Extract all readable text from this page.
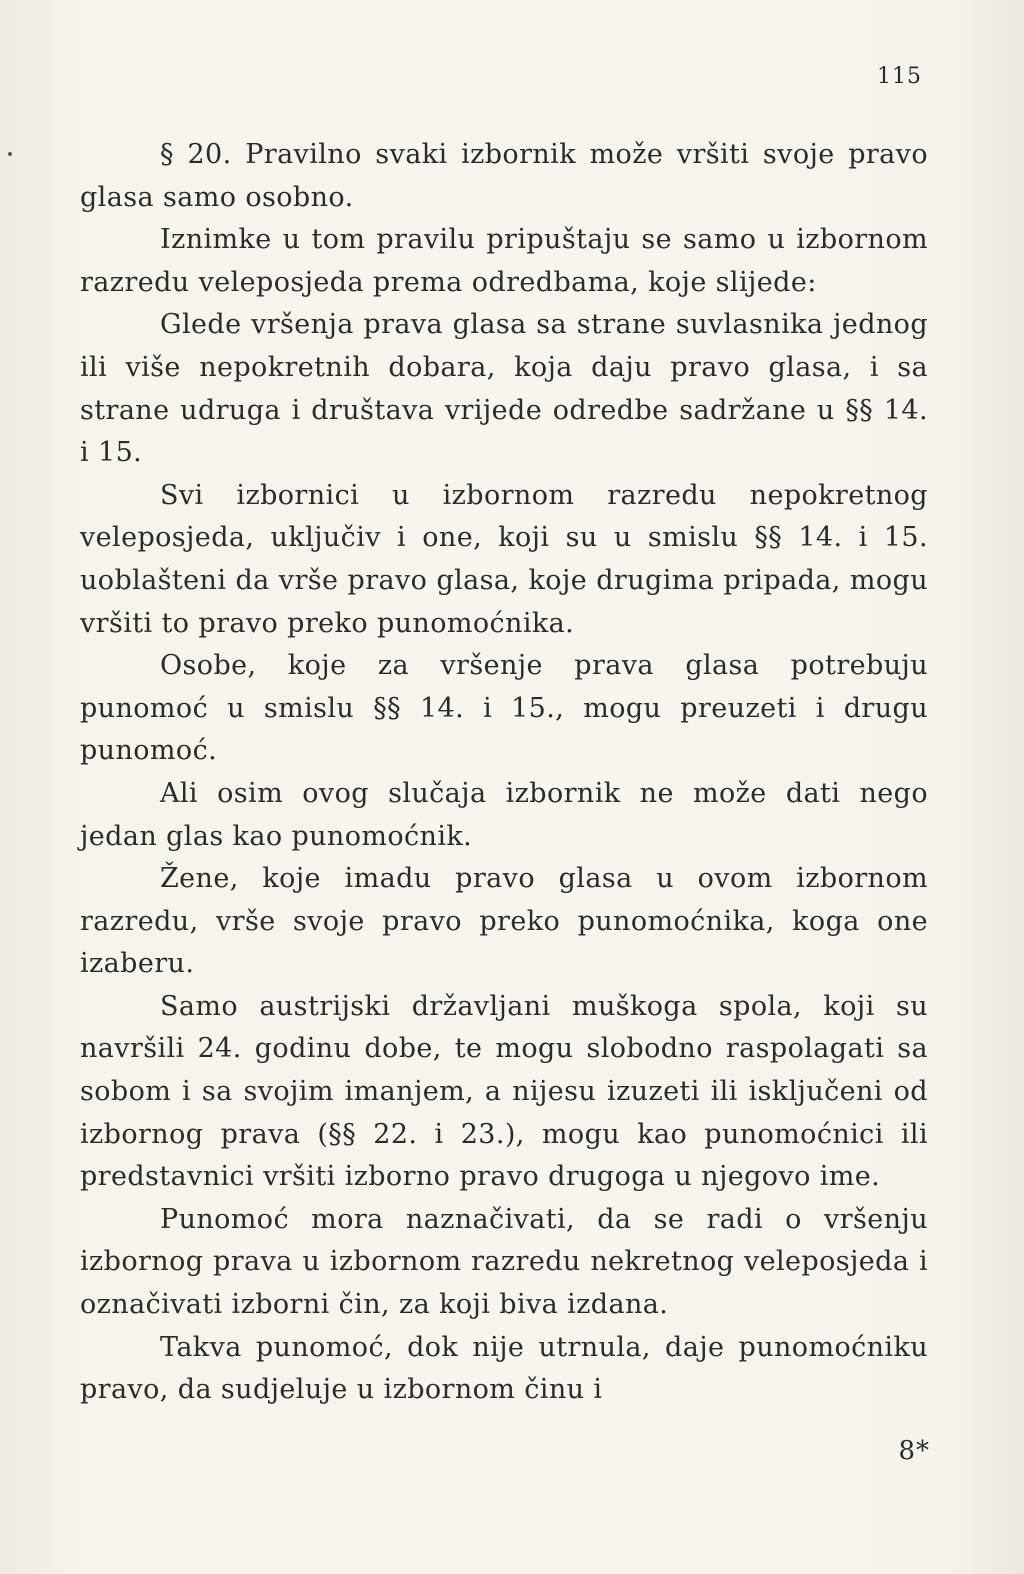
115

§ 20. Pravilno svaki izbornik može vršiti svoje pravo glasa samo osobno.

Iznimke u tom pravilu pripuštaju se samo u izbornom razredu veleposjeda prema odredbama, koje slijede:

Glede vršenja prava glasa sa strane suvlasnika jednog ili više nepokretnih dobara, koja daju pravo glasa, i sa strane udruga i društava vrijede odredbe sadržane u §§ 14. i 15.

Svi izbornici u izbornom razredu nepokretnog veleposjeda, uključiv i one, koji su u smislu §§ 14. i 15. uoblašteni da vrše pravo glasa, koje drugima pripada, mogu vršiti to pravo preko punomoćnika.

Osobe, koje za vršenje prava glasa potrebuju punomoć u smislu §§ 14. i 15., mogu preuzeti i drugu punomoć.

Ali osim ovog slučaja izbornik ne može dati nego jedan glas kao punomoćnik.

Žene, koje imadu pravo glasa u ovom izbornom razredu, vrše svoje pravo preko punomoćnika, koga one izaberu.

Samo austrijski državljani muškoga spola, koji su navršili 24. godinu dobe, te mogu slobodno raspolagati sa sobom i sa svojim imanjem, a nijesu izuzeti ili isključeni od izbornog prava (§§ 22. i 23.), mogu kao punomoćnici ili predstavnici vršiti izborno pravo drugoga u njegovo ime.

Punomoć mora naznačivati, da se radi o vršenju izbornog prava u izbornom razredu nekretnog veleposjeda i označivati izborni čin, za koji biva izdana.

Takva punomoć, dok nije utrnula, daje punomoćniku pravo, da sudjeluje u izbornom činu i

8*
